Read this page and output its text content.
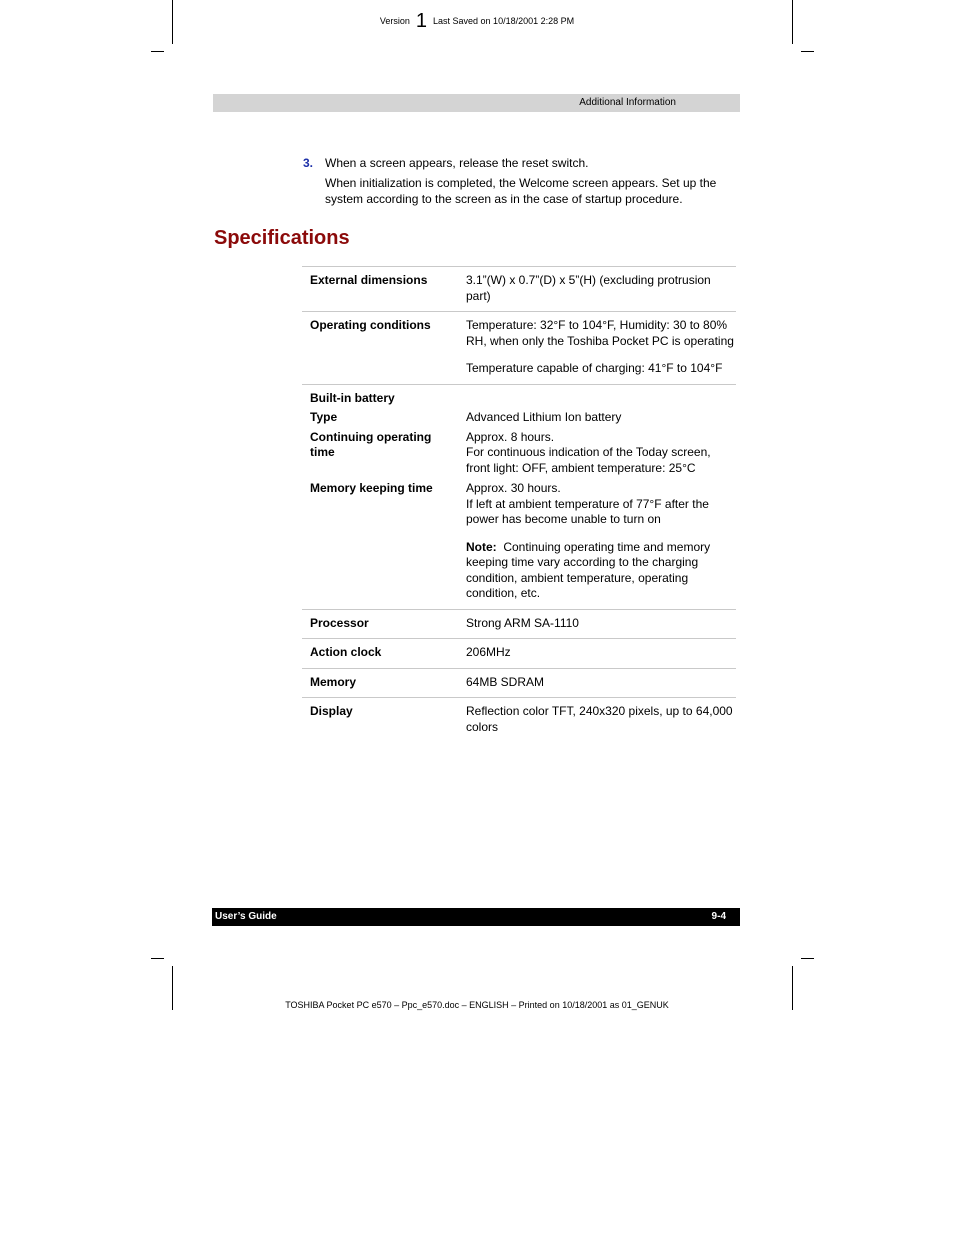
Version 1 Last Saved on 10/18/2001 2:28 PM
Additional Information
3. When a screen appears, release the reset switch.

When initialization is completed, the Welcome screen appears. Set up the system according to the screen as in the case of startup procedure.

Specifications
External dimensions	3.1”(W) x 0.7”(D) x 5”(H) (excluding protrusion part)
Operating conditions	Temperature: 32°F to 104°F, Humidity: 30 to 80% RH, when only the Toshiba Pocket PC is operating
Temperature capable of charging: 41°F to 104°F

Built-in battery	
Type	Advanced Lithium Ion battery
Continuing operating time	Approx. 8 hours.
For continuous indication of the Today screen, front light: OFF, ambient temperature: 25°C

Memory keeping time	Approx. 30 hours.
If left at ambient temperature of 77°F after the power has become unable to turn on
Note: Continuing operating time and memory keeping time vary according to the charging condition, ambient temperature, operating condition, etc.

Processor	Strong ARM SA-1110
Action clock	206MHz
Memory	64MB SDRAM
Display	Reflection color TFT, 240x320 pixels, up to 64,000 colors
User’s Guide	9-4
TOSHIBA Pocket PC e570 – Ppc_e570.doc – ENGLISH – Printed on 10/18/2001 as 01_GENUK
